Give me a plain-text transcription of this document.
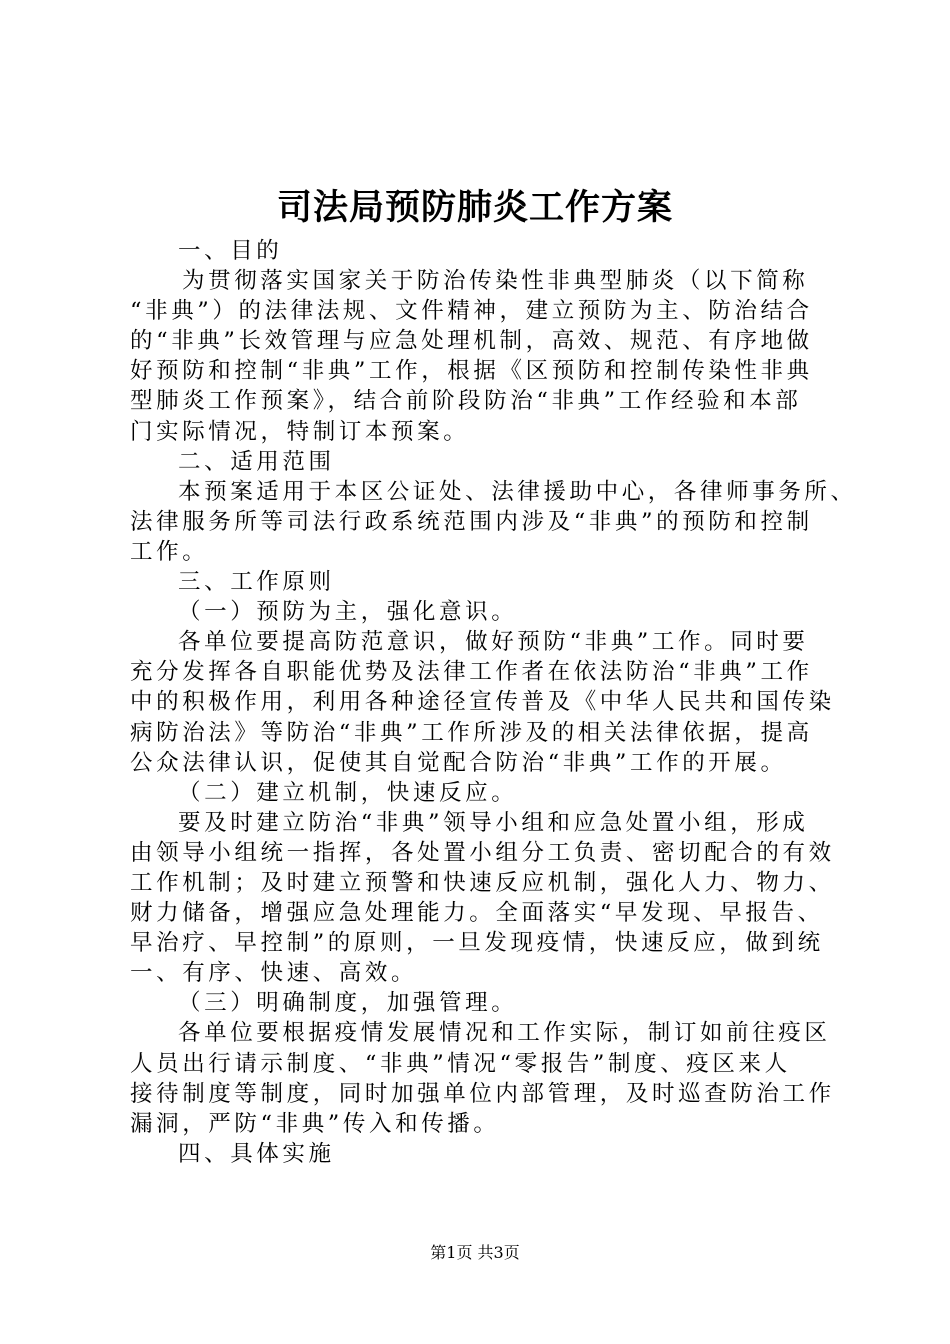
司法局预防肺炎工作方案
一、目的
为贯彻落实国家关于防治传染性非典型肺炎（以下简称
“非典”）的法律法规、文件精神，建立预防为主、防治结合
的“非典”长效管理与应急处理机制，高效、规范、有序地做
好预防和控制“非典”工作，根据《区预防和控制传染性非典
型肺炎工作预案》，结合前阶段防治“非典”工作经验和本部
门实际情况，特制订本预案。
二、适用范围
本预案适用于本区公证处、法律援助中心，各律师事务所、
法律服务所等司法行政系统范围内涉及“非典”的预防和控制
工作。
三、工作原则
（一）预防为主，强化意识。
各单位要提高防范意识，做好预防“非典”工作。同时要
充分发挥各自职能优势及法律工作者在依法防治“非典”工作
中的积极作用，利用各种途径宣传普及《中华人民共和国传染
病防治法》等防治“非典”工作所涉及的相关法律依据，提高
公众法律认识，促使其自觉配合防治“非典”工作的开展。
（二）建立机制，快速反应。
要及时建立防治“非典”领导小组和应急处置小组，形成
由领导小组统一指挥，各处置小组分工负责、密切配合的有效
工作机制；及时建立预警和快速反应机制，强化人力、物力、
财力储备，增强应急处理能力。全面落实“早发现、早报告、
早治疗、早控制”的原则，一旦发现疫情，快速反应，做到统
一、有序、快速、高效。
（三）明确制度，加强管理。
各单位要根据疫情发展情况和工作实际，制订如前往疫区
人员出行请示制度、“非典”情况“零报告”制度、疫区来人
接待制度等制度，同时加强单位内部管理，及时巡查防治工作
漏洞，严防“非典”传入和传播。
四、具体实施
第1页 共3页
